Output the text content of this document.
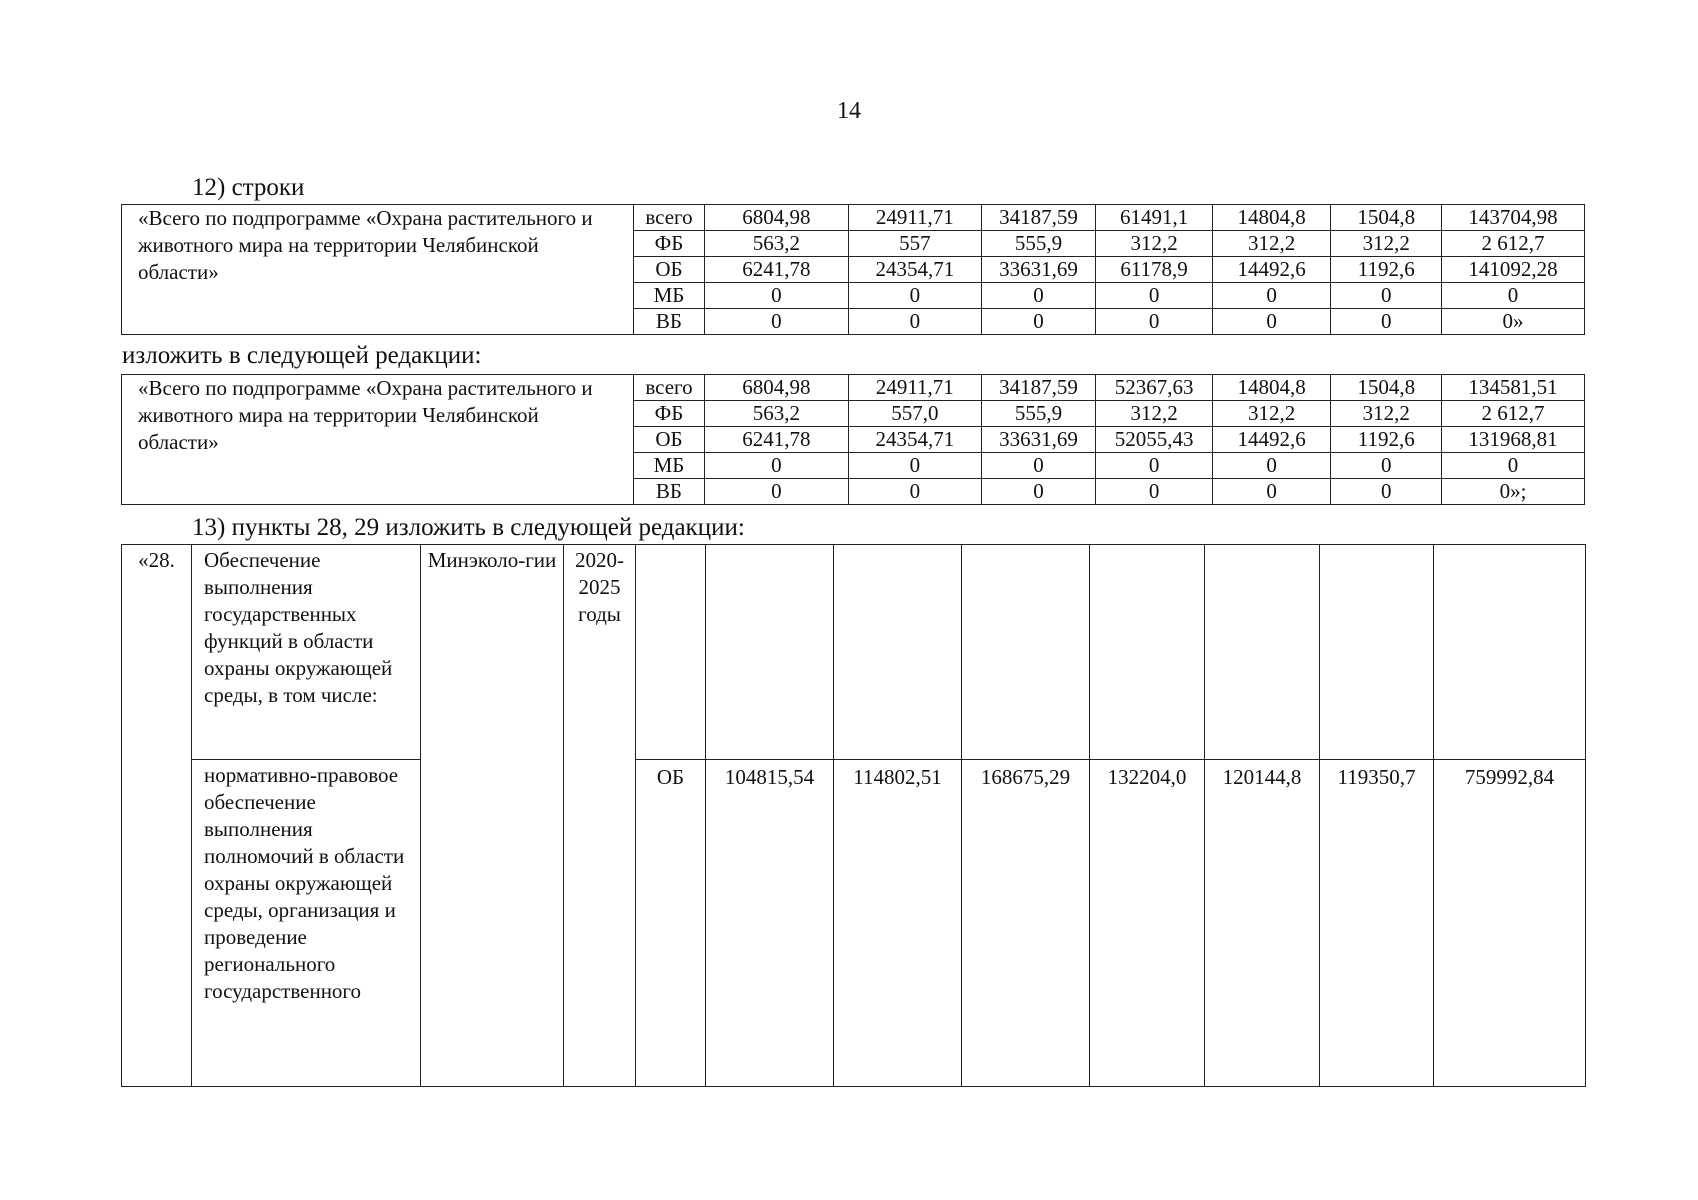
14
12) строки
«Всего по подпрограмме «Охрана растительного и животного мира на территории Челябинской области»	всего	6804,98	24911,71	34187,59	61491,1	14804,8	1504,8	143704,98
	ФБ	563,2	557	555,9	312,2	312,2	312,2	2 612,7
	ОБ	6241,78	24354,71	33631,69	61178,9	14492,6	1192,6	141092,28
	МБ	0	0	0	0	0	0	0
	ВБ	0	0	0	0	0	0	0»
изложить в следующей редакции:
«Всего по подпрограмме «Охрана растительного и животного мира на территории Челябинской области»	всего	6804,98	24911,71	34187,59	52367,63	14804,8	1504,8	134581,51
	ФБ	563,2	557,0	555,9	312,2	312,2	312,2	2 612,7
	ОБ	6241,78	24354,71	33631,69	52055,43	14492,6	1192,6	131968,81
	МБ	0	0	0	0	0	0	0
	ВБ	0	0	0	0	0	0	0»;
13) пункты 28, 29 изложить в следующей редакции:
«28.	Обеспечение выполнения государственных функций в области охраны окружающей среды, в том числе:	Минэколо-гии	2020-2025 годы								
	нормативно-правовое обеспечение выполнения полномочий в области охраны окружающей среды, организация и проведение регионального государственного			ОБ	104815,54	114802,51	168675,29	132204,0	120144,8	119350,7	759992,84
